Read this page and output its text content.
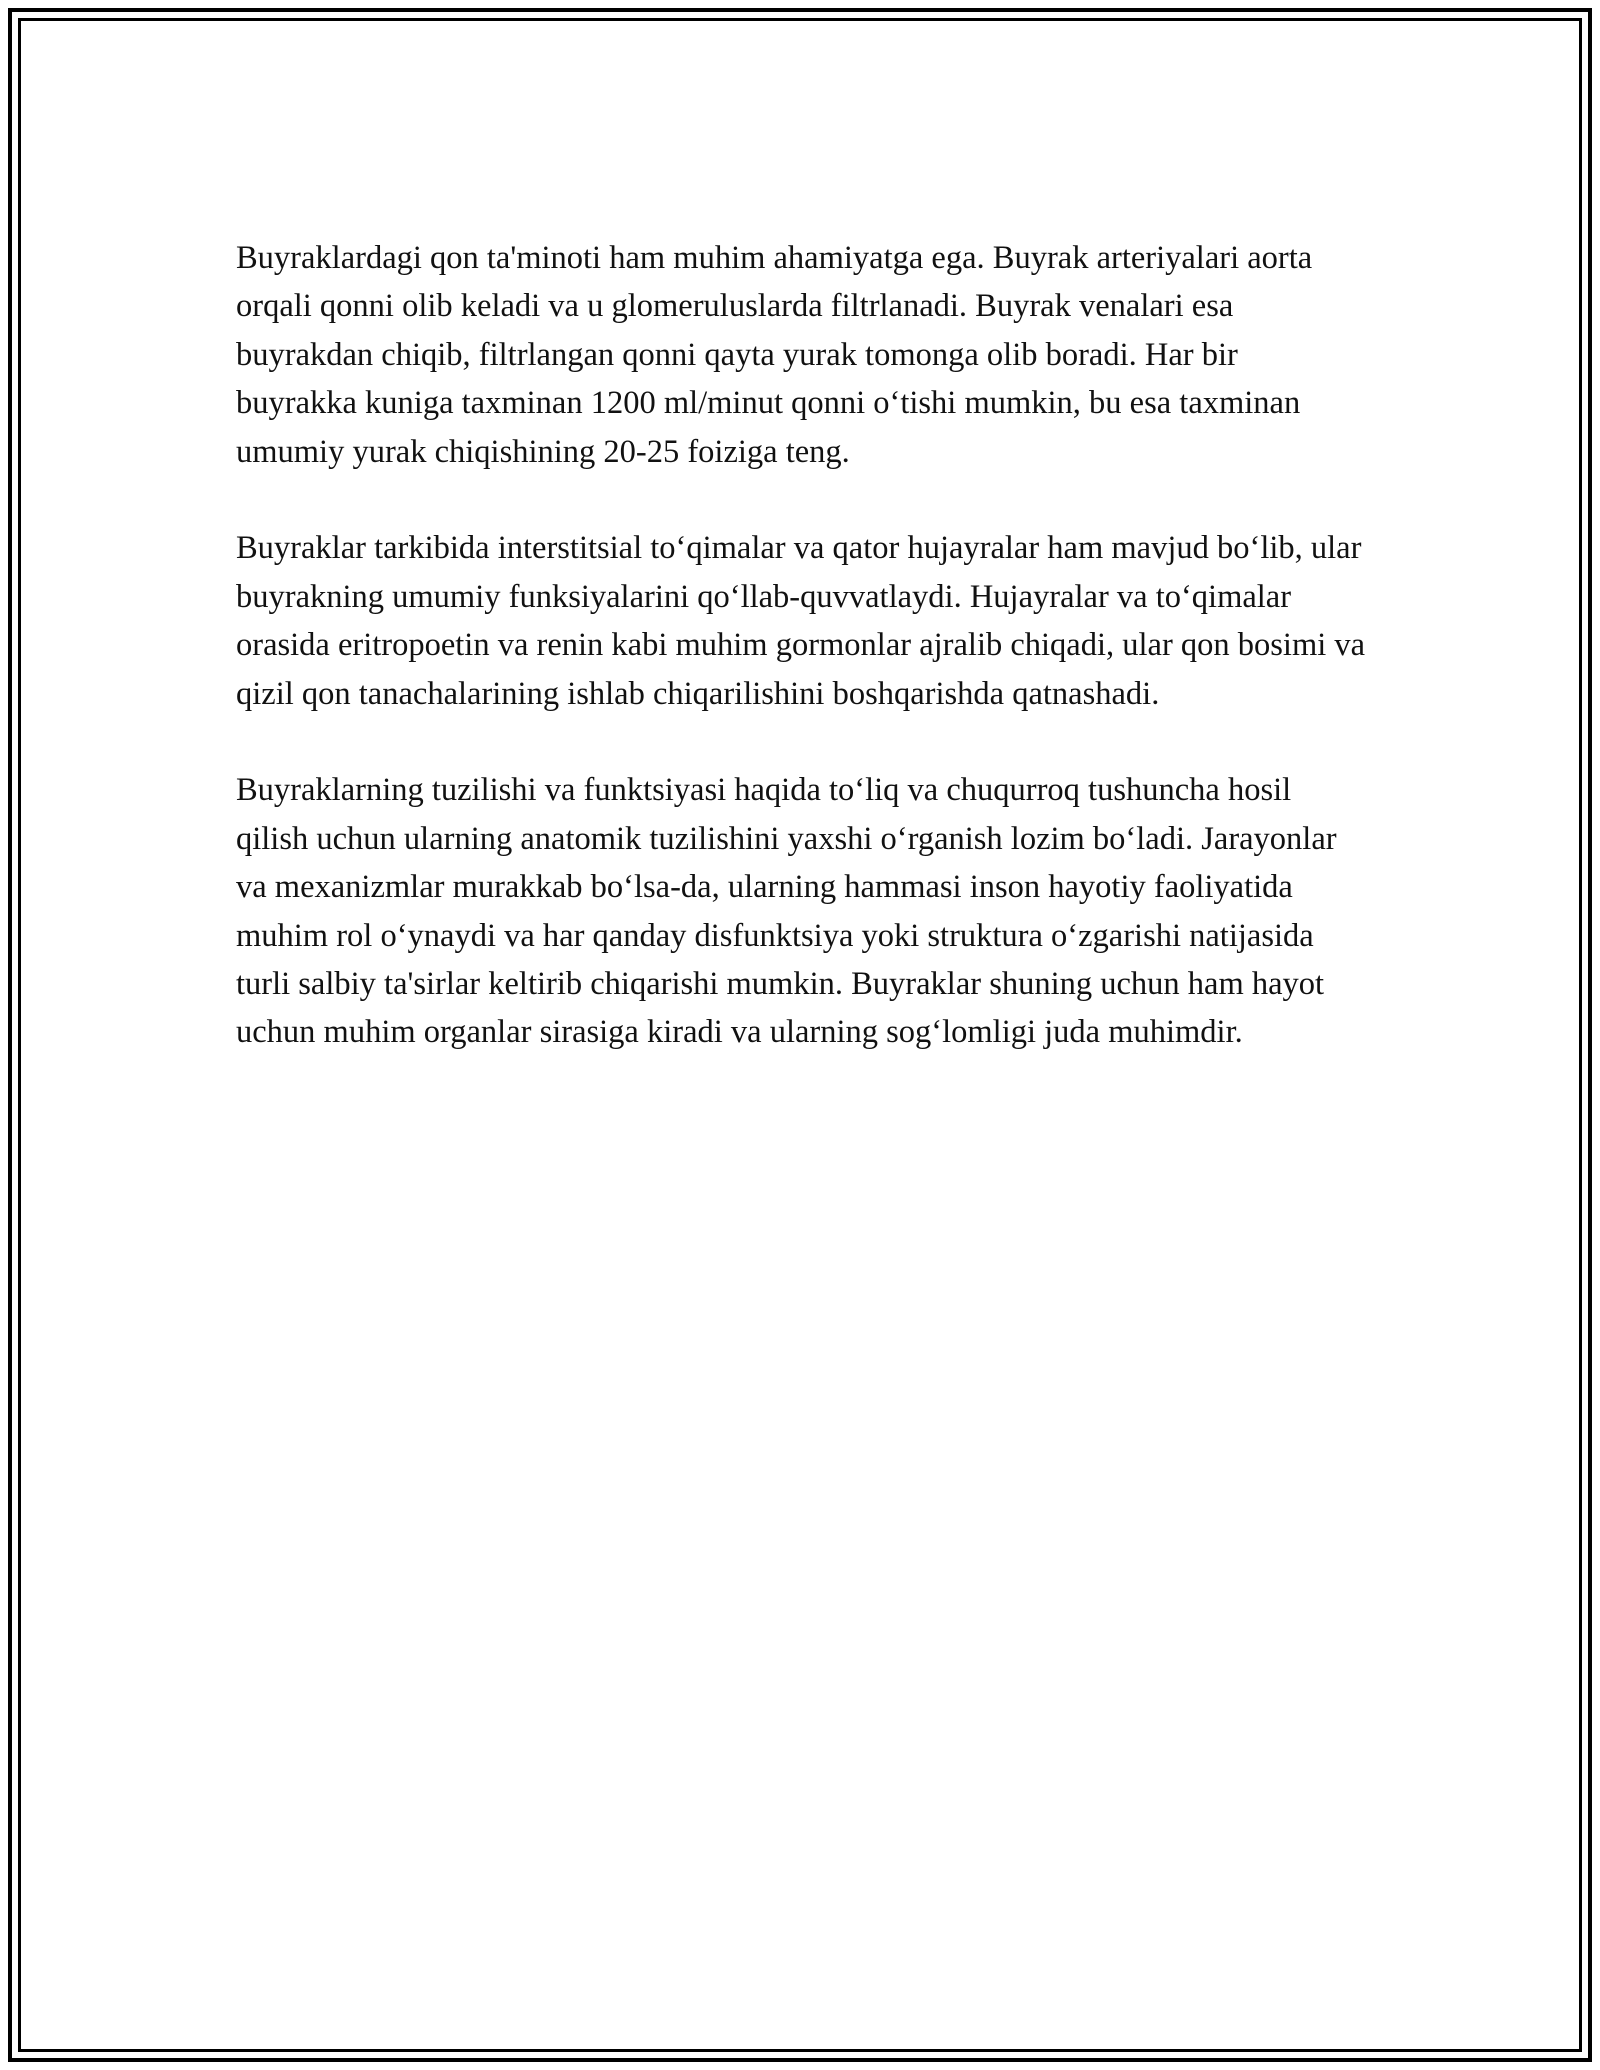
Buyraklardagi qon ta'minoti ham muhim ahamiyatga ega. Buyrak arteriyalari aorta orqali qonni olib keladi va u glomeruluslarda filtrlanadi. Buyrak venalari esa buyrakdan chiqib, filtrlangan qonni qayta yurak tomonga olib boradi. Har bir buyrakka kuniga taxminan 1200 ml/minut qonni oʻtishi mumkin, bu esa taxminan umumiy yurak chiqishining 20-25 foiziga teng.

Buyraklar tarkibida interstitsial toʻqimalar va qator hujayralar ham mavjud boʻlib, ular buyrakning umumiy funksiyalarini qoʻllab-quvvatlaydi. Hujayralar va toʻqimalar orasida eritropoetin va renin kabi muhim gormonlar ajralib chiqadi, ular qon bosimi va qizil qon tanachalarining ishlab chiqarilishini boshqarishda qatnashadi.

Buyraklarning tuzilishi va funktsiyasi haqida toʻliq va chuqurroq tushuncha hosil qilish uchun ularning anatomik tuzilishini yaxshi oʻrganish lozim boʻladi. Jarayonlar va mexanizmlar murakkab boʻlsa-da, ularning hammasi inson hayotiy faoliyatida muhim rol oʻynaydi va har qanday disfunktsiya yoki struktura oʻzgarishi natijasida turli salbiy ta'sirlar keltirib chiqarishi mumkin. Buyraklar shuning uchun ham hayot uchun muhim organlar sirasiga kiradi va ularning sogʻlomligi juda muhimdir.
